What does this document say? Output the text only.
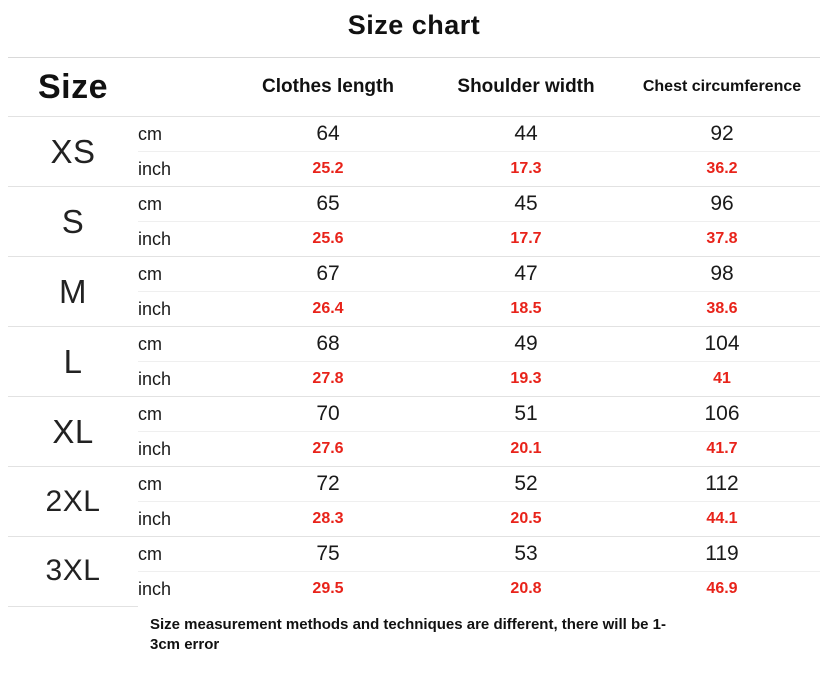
Size chart
Size		Clothes length	Shoulder width	Chest circumference
XS	cm	64	44	92
	inch	25.2	17.3	36.2
S	cm	65	45	96
	inch	25.6	17.7	37.8
M	cm	67	47	98
	inch	26.4	18.5	38.6
L	cm	68	49	104
	inch	27.8	19.3	41
XL	cm	70	51	106
	inch	27.6	20.1	41.7
2XL	cm	72	52	112
	inch	28.3	20.5	44.1
3XL	cm	75	53	119
	inch	29.5	20.8	46.9
Size measurement methods and techniques are different, there will be 1-3cm error
